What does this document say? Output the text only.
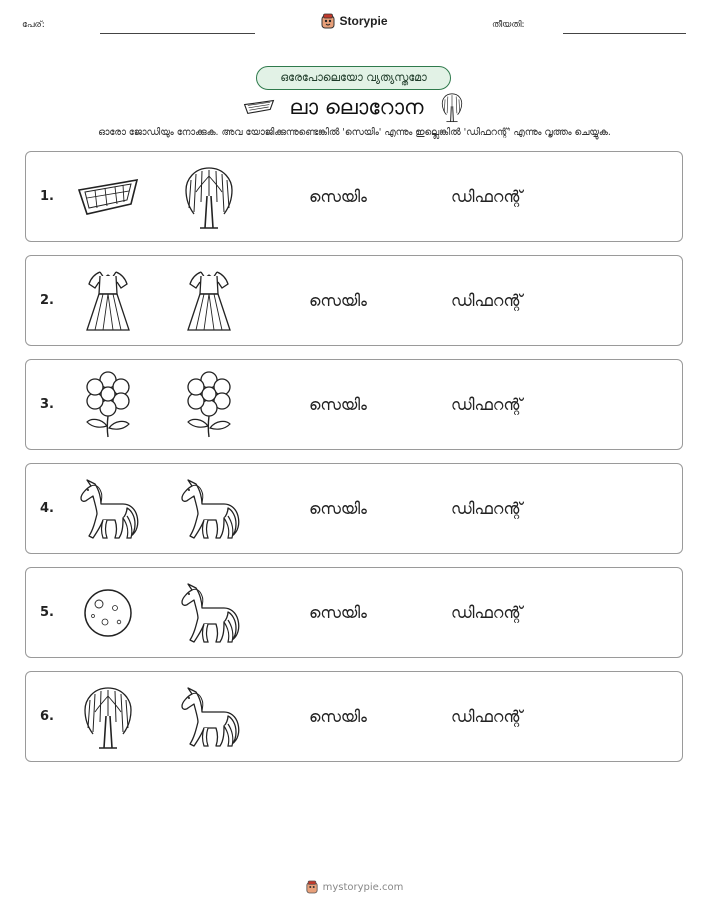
പേര്:	തീയതി:
Storypie
ഒരേപോലെയോ വ്യത്യസ്തമോ
ലാ ലൊറോന
ഓരോ ജോഡിയും നോക്കുക. അവ യോജിക്കുന്നുണ്ടെങ്കിൽ 'സെയിം' എന്നും ഇല്ലെങ്കിൽ 'ഡിഫറന്റ്' എന്നും വൃത്തം ചെയ്യുക.
1.	സെയിം	ഡിഫറന്റ്
2.	സെയിം	ഡിഫറന്റ്
3.	സെയിം	ഡിഫറന്റ്
4.	സെയിം	ഡിഫറന്റ്
5.	സെയിം	ഡിഫറന്റ്
6.	സെയിം	ഡിഫറന്റ്
mystorypie.com
